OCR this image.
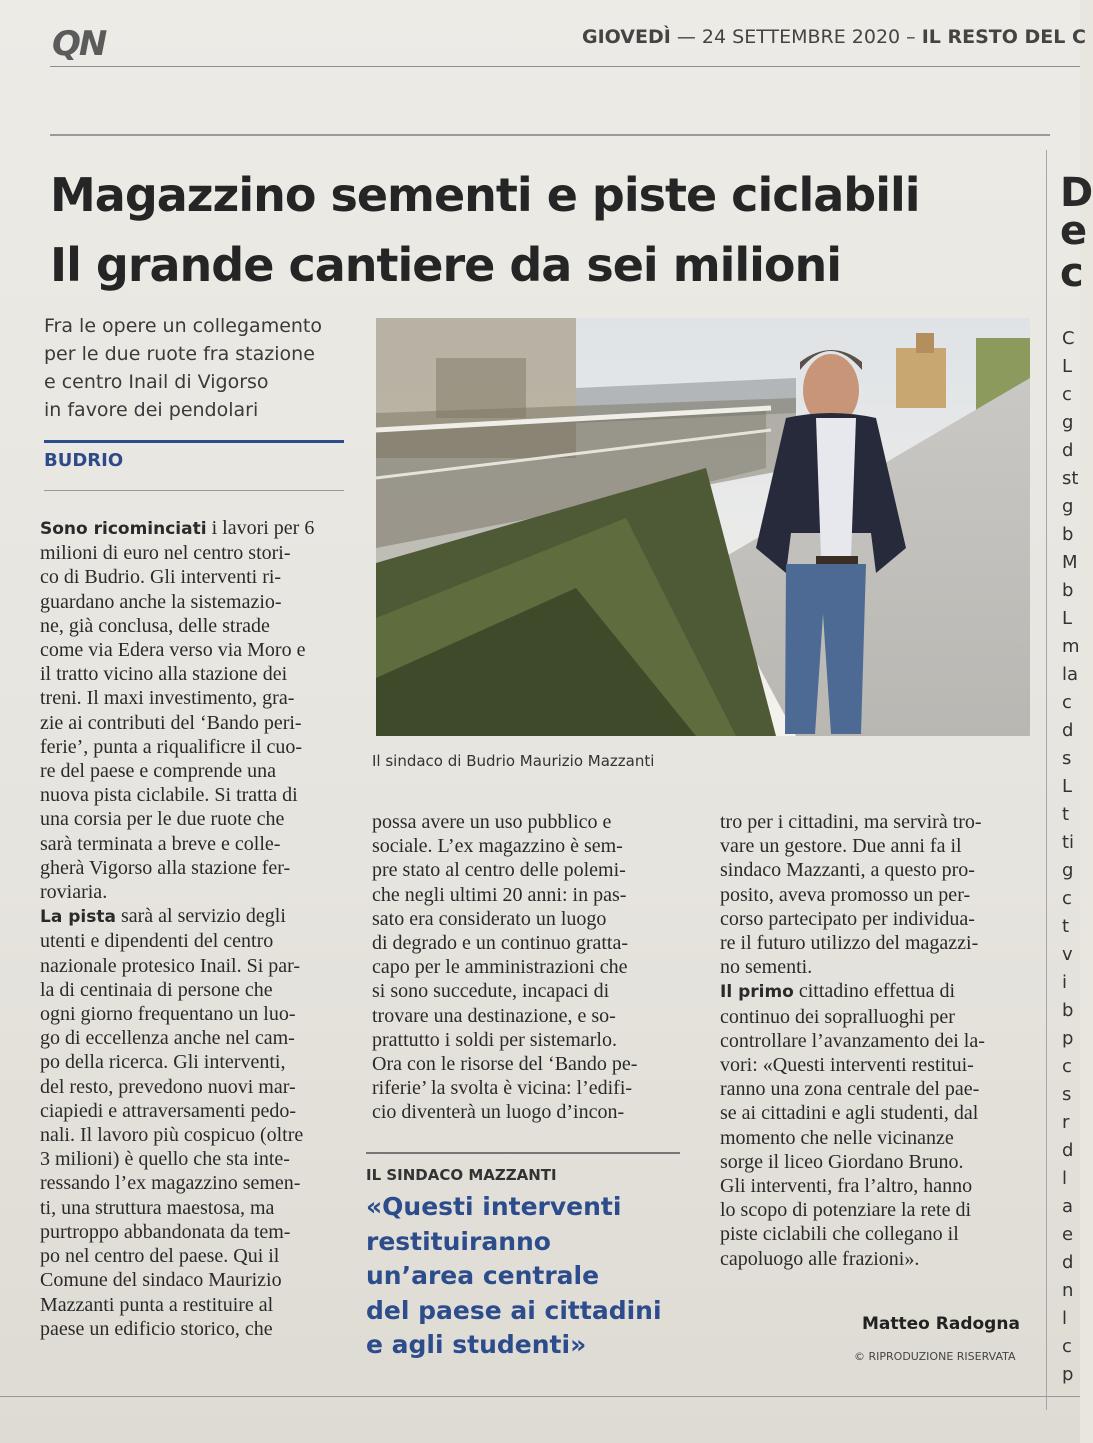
QN	GIOVEDÌ — 24 SETTEMBRE 2020 – IL RESTO DEL C
Magazzino sementi e piste ciclabili
Il grande cantiere da sei milioni
Fra le opere un collegamento
per le due ruote fra stazione
e centro Inail di Vigorso
in favore dei pendolari
BUDRIO
Il sindaco di Budrio Maurizio Mazzanti
Sono ricominciati i lavori per 6
milioni di euro nel centro stori-
co di Budrio. Gli interventi ri-
guardano anche la sistemazio-
ne, già conclusa, delle strade
come via Edera verso via Moro e
il tratto vicino alla stazione dei
treni. Il maxi investimento, gra-
zie ai contributi del ‘Bando peri-
ferie’, punta a riqualificre il cuo-
re del paese e comprende una
nuova pista ciclabile. Si tratta di
una corsia per le due ruote che
sarà terminata a breve e colle-
gherà Vigorso alla stazione fer-
roviaria.
La pista sarà al servizio degli
utenti e dipendenti del centro
nazionale protesico Inail. Si par-
la di centinaia di persone che
ogni giorno frequentano un luo-
go di eccellenza anche nel cam-
po della ricerca. Gli interventi,
del resto, prevedono nuovi mar-
ciapiedi e attraversamenti pedo-
nali. Il lavoro più cospicuo (oltre
3 milioni) è quello che sta inte-
ressando l’ex magazzino semen-
ti, una struttura maestosa, ma
purtroppo abbandonata da tem-
po nel centro del paese. Qui il
Comune del sindaco Maurizio
Mazzanti punta a restituire al
paese un edificio storico, che
possa avere un uso pubblico e
sociale. L’ex magazzino è sem-
pre stato al centro delle polemi-
che negli ultimi 20 anni: in pas-
sato era considerato un luogo
di degrado e un continuo gratta-
capo per le amministrazioni che
si sono succedute, incapaci di
trovare una destinazione, e so-
prattutto i soldi per sistemarlo.
Ora con le risorse del ‘Bando pe-
riferie’ la svolta è vicina: l’edifi-
cio diventerà un luogo d’incon-
tro per i cittadini, ma servirà tro-
vare un gestore. Due anni fa il
sindaco Mazzanti, a questo pro-
posito, aveva promosso un per-
corso partecipato per individua-
re il futuro utilizzo del magazzi-
no sementi.
Il primo cittadino effettua di
continuo dei sopralluoghi per
controllare l’avanzamento dei la-
vori: «Questi interventi restitui-
ranno una zona centrale del pae-
se ai cittadini e agli studenti, dal
momento che nelle vicinanze
sorge il liceo Giordano Bruno.
Gli interventi, fra l’altro, hanno
lo scopo di potenziare la rete di
piste ciclabili che collegano il
capoluogo alle frazioni».
IL SINDACO MAZZANTI
«Questi interventi
restituiranno
un’area centrale
del paese ai cittadini
e agli studenti»
Matteo Radogna
© RIPRODUZIONE RISERVATA
D
e
c
C
L
c
g
d
st
g
b
M
b
L
m
la
c
d
s
L
t
ti
g
c
t
v
i
b
p
c
s
r
d
l
a
e
d
n
l
c
p
